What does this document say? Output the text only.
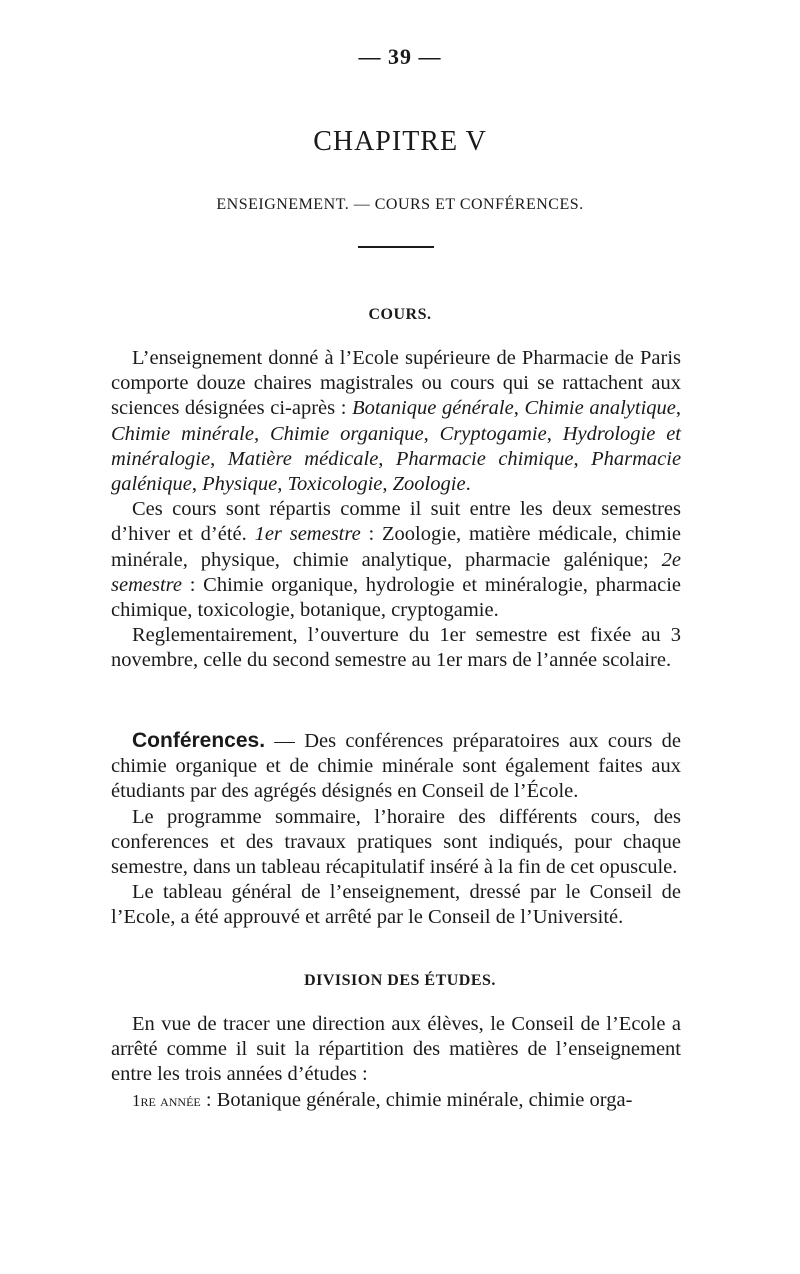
— 39 —
CHAPITRE V
ENSEIGNEMENT. — COURS ET CONFÉRENCES.
COURS.

L’enseignement donné à l’Ecole supérieure de Pharmacie de Paris comporte douze chaires magistrales ou cours qui se rattachent aux sciences désignées ci-après : Botanique générale, Chimie analytique, Chimie minérale, Chimie organique, Cryptogamie, Hydrologie et minéralogie, Matière médicale, Pharmacie chimique, Pharmacie galénique, Physique, Toxicologie, Zoologie.

Ces cours sont répartis comme il suit entre les deux semestres d’hiver et d’été. 1er semestre : Zoologie, matière médicale, chimie minérale, physique, chimie analytique, pharmacie galénique; 2e semestre : Chimie organique, hydrologie et minéralogie, pharmacie chimique, toxicologie, botanique, cryptogamie.

Reglementairement, l’ouverture du 1er semestre est fixée au 3 novembre, celle du second semestre au 1er mars de l’année scolaire.

Conférences. — Des conférences préparatoires aux cours de chimie organique et de chimie minérale sont également faites aux étudiants par des agrégés désignés en Conseil de l’École.

Le programme sommaire, l’horaire des différents cours, des conferences et des travaux pratiques sont indiqués, pour chaque semestre, dans un tableau récapitulatif inséré à la fin de cet opuscule.

Le tableau général de l’enseignement, dressé par le Conseil de l’Ecole, a été approuvé et arrêté par le Conseil de l’Université.

DIVISION DES ÉTUDES.

En vue de tracer une direction aux élèves, le Conseil de l’Ecole a arrêté comme il suit la répartition des matières de l’enseignement entre les trois années d’études :

1re année : Botanique générale, chimie minérale, chimie orga-
